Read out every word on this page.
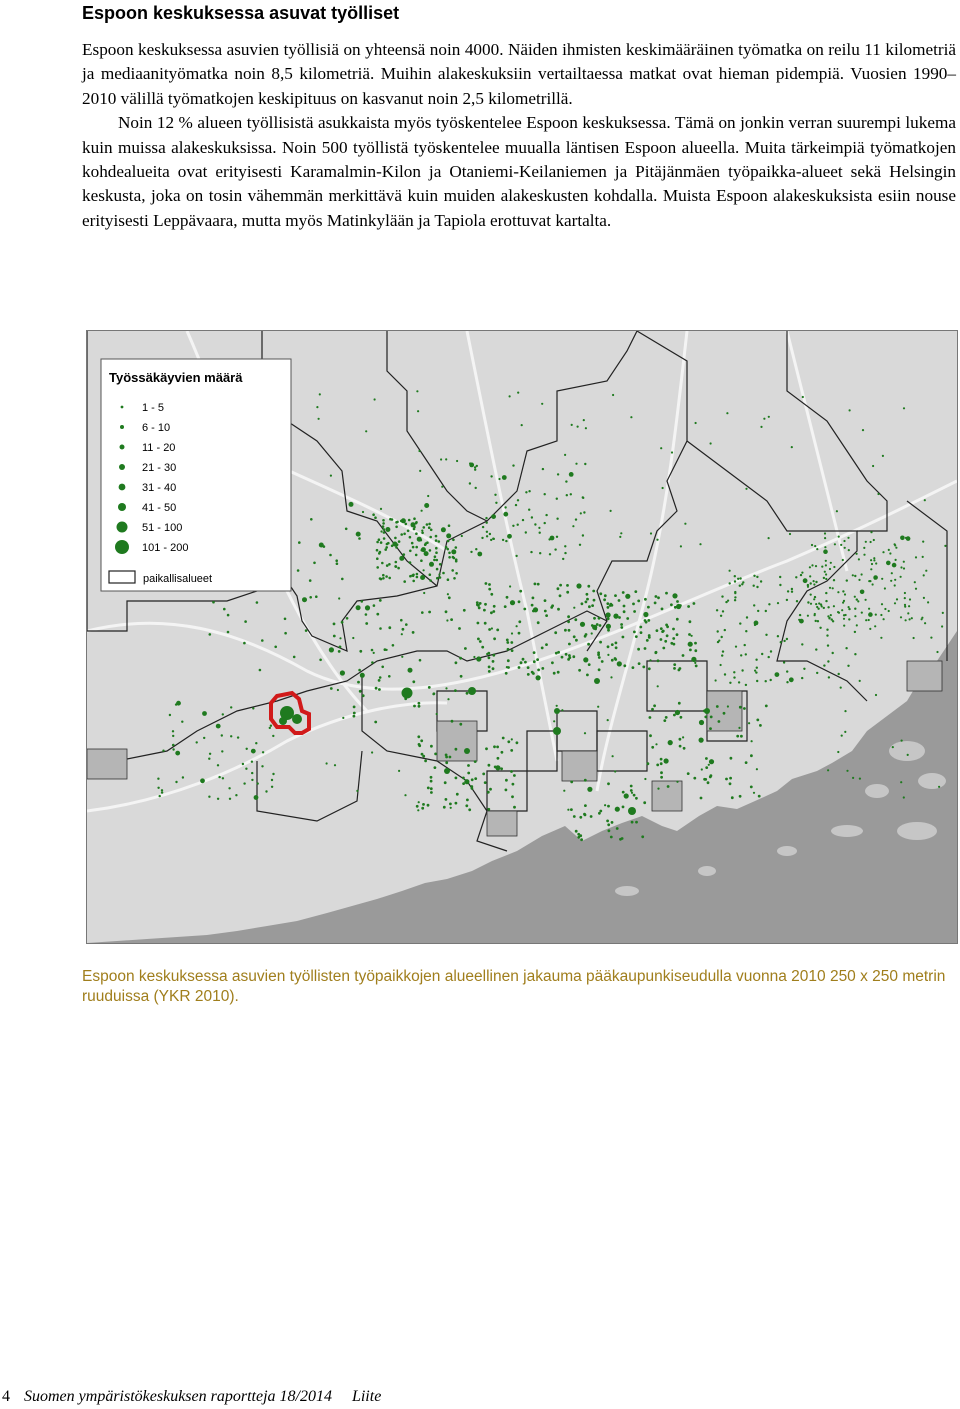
Espoon keskuksessa asuvat työlliset

Espoon keskuksessa asuvien työllisiä on yhteensä noin 4000. Näiden ihmisten keskimääräinen työmatka on reilu 11 kilometriä ja mediaanityömatka noin 8,5 kilometriä. Muihin alakeskuksiin vertailtaessa matkat ovat hieman pidempiä. Vuosien 1990–2010 välillä työmatkojen keskipituus on kasvanut noin 2,5 kilometrillä.

Noin 12 % alueen työllisistä asukkaista myös työskentelee Espoon keskuksessa. Tämä on jonkin verran suurempi lukema kuin muissa alakeskuksissa. Noin 500 työllistä työskentelee muualla läntisen Espoon alueella. Muita tärkeimpiä työmatkojen kohdealueita ovat erityisesti Karamalmin-Kilon ja Otaniemi-Keilaniemen ja Pitäjänmäen työpaikka-alueet sekä Helsingin keskusta, joka on tosin vähemmän merkittävä kuin muiden alakeskusten kohdalla. Muista Espoon alakeskuksista esiin nouse erityisesti Leppävaara, mutta myös Matinkylään ja Tapiola erottuvat kartalta.

Työssäkäyvien määrä
1 - 5
6 - 10
11 - 20
21 - 30
31 - 40
41 - 50
51 - 100
101 - 200
paikallisalueet
Espoon keskuksessa asuvien työllisten työpaikkojen alueellinen jakauma pääkaupunkiseudulla vuonna 2010 250 x 250 metrin ruuduissa (YKR 2010).
4 Suomen ympäristökeskuksen raportteja 18/2014 Liite
